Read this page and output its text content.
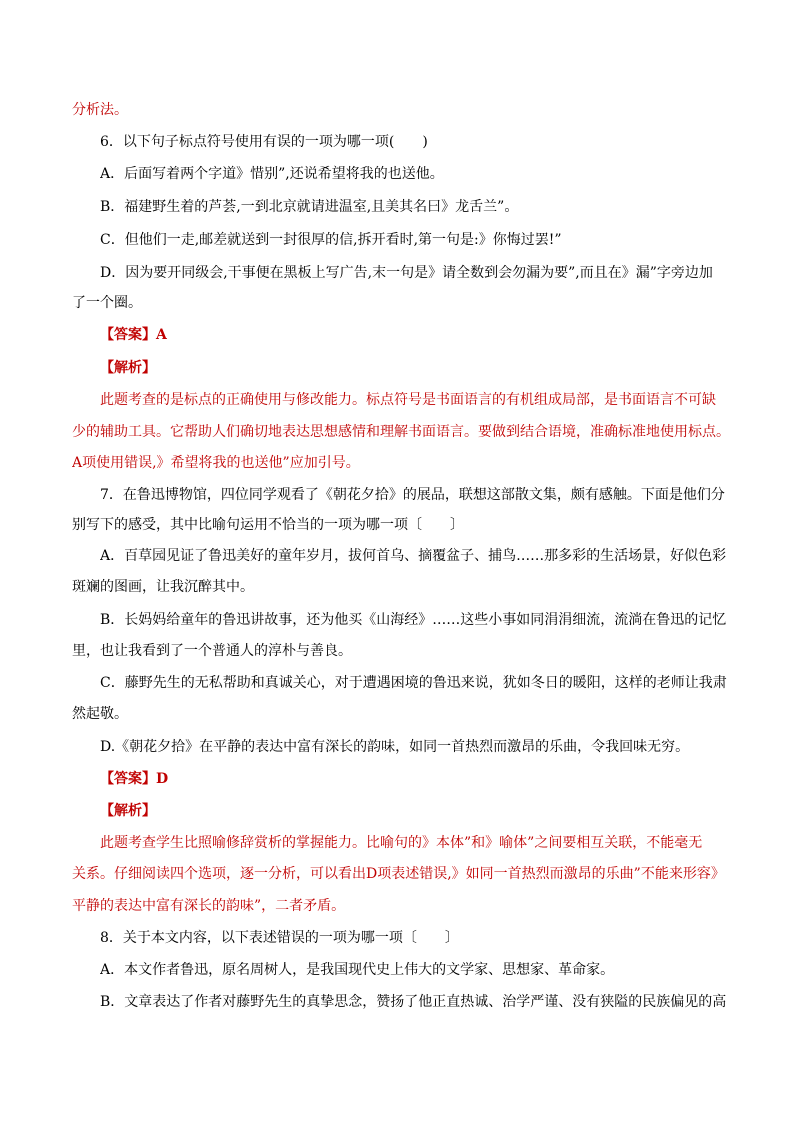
分析法。
6．以下句子标点符号使用有误的一项为哪一项(　　)
A．后面写着两个字道》惜别”,还说希望将我的也送他。
B．福建野生着的芦荟,一到北京就请进温室,且美其名曰》龙舌兰”。
C．但他们一走,邮差就送到一封很厚的信,拆开看时,第一句是:》你悔过罢!”
D．因为要开同级会,干事便在黑板上写广告,末一句是》请全数到会勿漏为要”,而且在》漏”字旁边加
了一个圈。
【答案】A
【解析】
此题考查的是标点的正确使用与修改能力。标点符号是书面语言的有机组成局部，是书面语言不可缺
少的辅助工具。它帮助人们确切地表达思想感情和理解书面语言。要做到结合语境，准确标准地使用标点。
A项使用错误,》希望将我的也送他”应加引号。
7．在鲁迅博物馆，四位同学观看了《朝花夕拾》的展品，联想这部散文集，颇有感触。下面是他们分
别写下的感受，其中比喻句运用不恰当的一项为哪一项〔　　〕
A．百草园见证了鲁迅美好的童年岁月，拔何首乌、摘覆盆子、捕鸟……那多彩的生活场景，好似色彩
斑斓的图画，让我沉醉其中。
B．长妈妈给童年的鲁迅讲故事，还为他买《山海经》……这些小事如同涓涓细流，流淌在鲁迅的记忆
里，也让我看到了一个普通人的淳朴与善良。
C．藤野先生的无私帮助和真诚关心，对于遭遇困境的鲁迅来说，犹如冬日的暖阳，这样的老师让我肃
然起敬。
D.《朝花夕拾》在平静的表达中富有深长的韵味，如同一首热烈而激昂的乐曲，令我回味无穷。
【答案】D
【解析】
此题考查学生比照喻修辞赏析的掌握能力。比喻句的》本体”和》喻体”之间要相互关联，不能毫无
关系。仔细阅读四个选项，逐一分析，可以看出D项表述错误,》如同一首热烈而激昂的乐曲”不能来形容》
平静的表达中富有深长的韵味”，二者矛盾。
8．关于本文内容，以下表述错误的一项为哪一项〔　　〕
A．本文作者鲁迅，原名周树人，是我国现代史上伟大的文学家、思想家、革命家。
B．文章表达了作者对藤野先生的真挚思念，赞扬了他正直热诚、治学严谨、没有狭隘的民族偏见的高
